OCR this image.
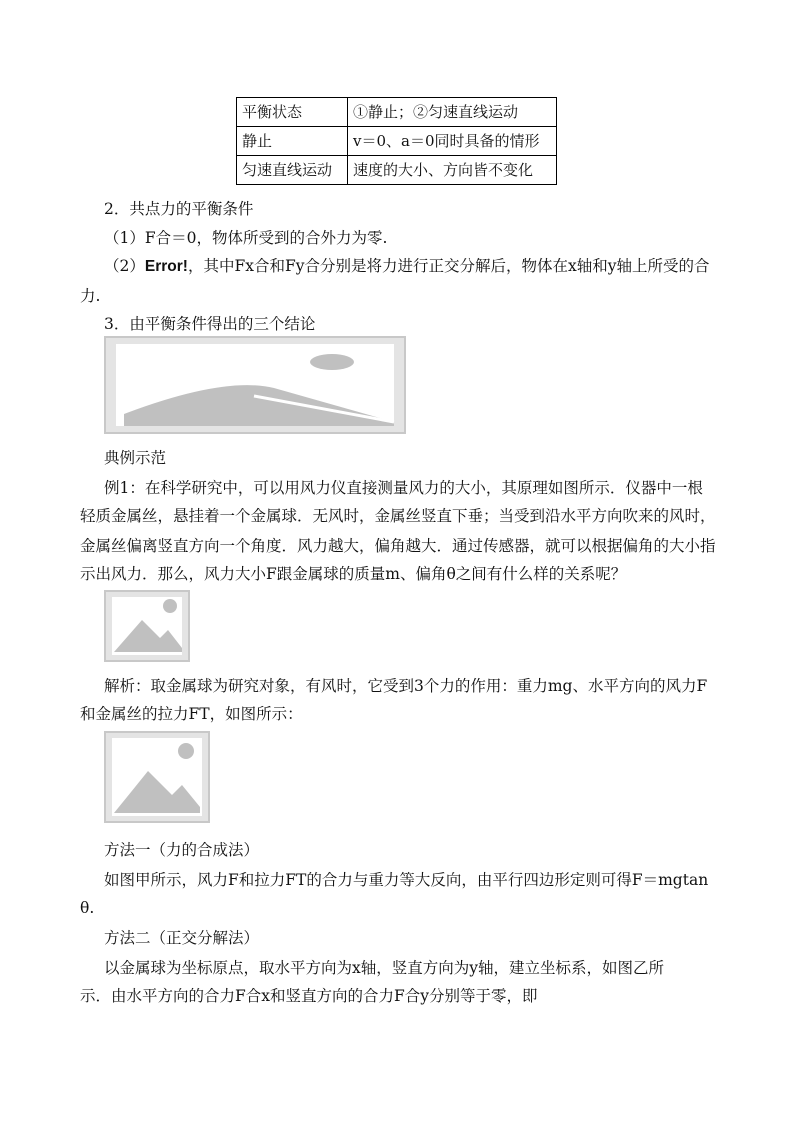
平衡状态	①静止；②匀速直线运动
静止	v＝0、a＝0同时具备的情形
匀速直线运动	速度的大小、方向皆不变化
2．共点力的平衡条件
（1）F合＝0，物体所受到的合外力为零.
（2）Error!，其中Fx合和Fy合分别是将力进行正交分解后，物体在x轴和y轴上所受的合
力.
3．由平衡条件得出的三个结论
典例示范
例1：在科学研究中，可以用风力仪直接测量风力的大小，其原理如图所示．仪器中一根
轻质金属丝，悬挂着一个金属球．无风时，金属丝竖直下垂；当受到沿水平方向吹来的风时，
金属丝偏离竖直方向一个角度．风力越大，偏角越大．通过传感器，就可以根据偏角的大小指
示出风力．那么，风力大小F跟金属球的质量m、偏角θ之间有什么样的关系呢？
解析：取金属球为研究对象，有风时，它受到3个力的作用：重力mg、水平方向的风力F
和金属丝的拉力FT，如图所示：
方法一（力的合成法）
如图甲所示，风力F和拉力FT的合力与重力等大反向，由平行四边形定则可得F＝mgtan
θ.
方法二（正交分解法）
以金属球为坐标原点，取水平方向为x轴，竖直方向为y轴，建立坐标系，如图乙所
示．由水平方向的合力F合x和竖直方向的合力F合y分别等于零，即
